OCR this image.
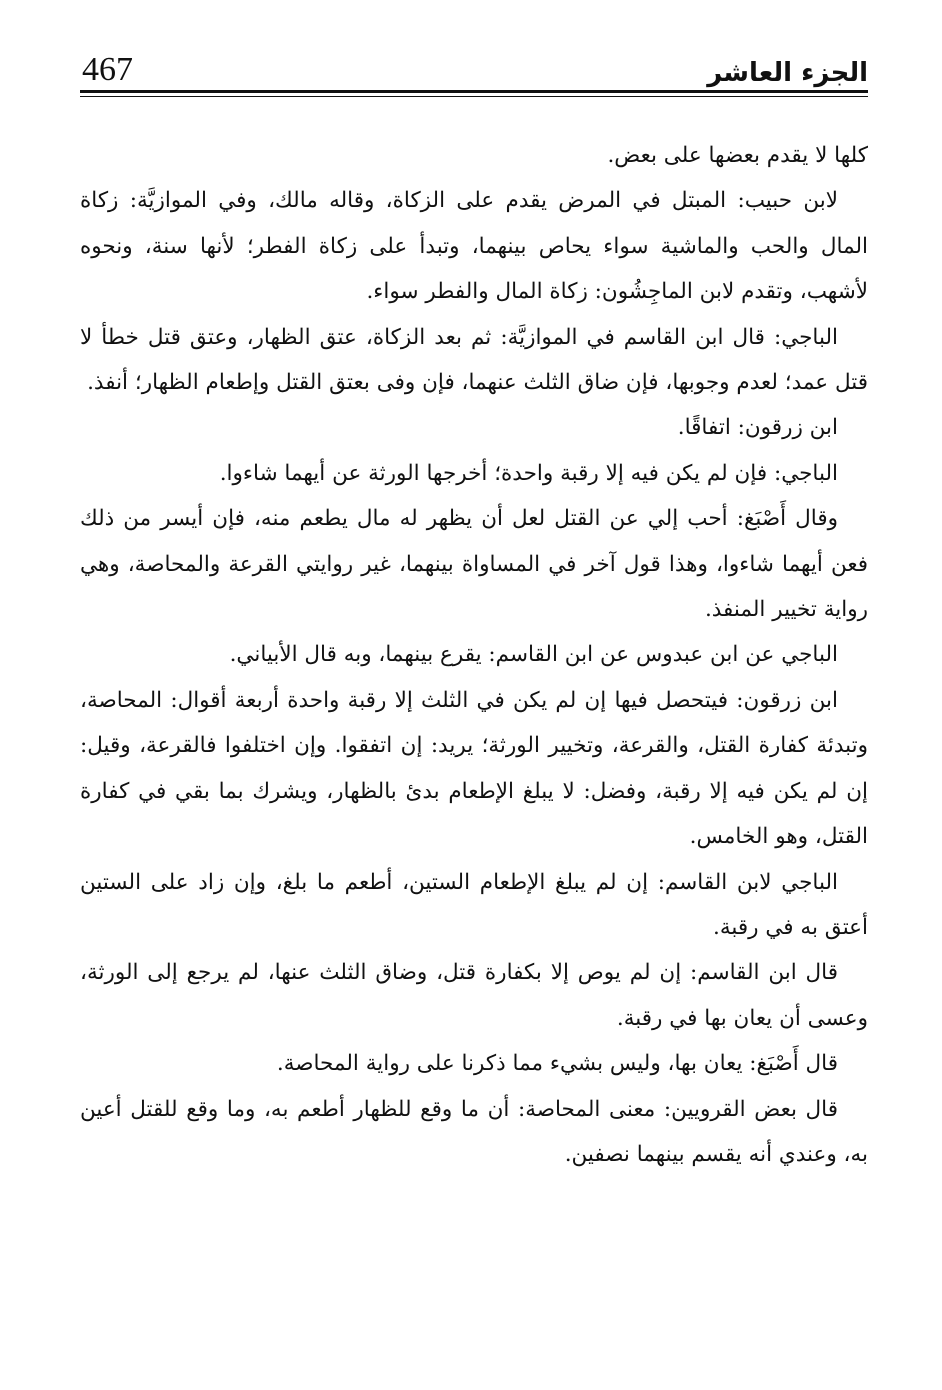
467	الجزء العاشر

كلها لا يقدم بعضها على بعض.

لابن حبيب: المبتل في المرض يقدم على الزكاة، وقاله مالك، وفي الموازيَّة: زكاة المال والحب والماشية سواء يحاص بينهما، وتبدأ على زكاة الفطر؛ لأنها سنة، ونحوه لأشهب، وتقدم لابن الماجِشُون: زكاة المال والفطر سواء.

الباجي: قال ابن القاسم في الموازيَّة: ثم بعد الزكاة، عتق الظهار، وعتق قتل خطأ لا قتل عمد؛ لعدم وجوبها، فإن ضاق الثلث عنهما، فإن وفى بعتق القتل وإطعام الظهار؛ أنفذ.

ابن زرقون: اتفاقًا.

الباجي: فإن لم يكن فيه إلا رقبة واحدة؛ أخرجها الورثة عن أيهما شاءوا.

وقال أَصْبَغ: أحب إلي عن القتل لعل أن يظهر له مال يطعم منه، فإن أيسر من ذلك فعن أيهما شاءوا، وهذا قول آخر في المساواة بينهما، غير روايتي القرعة والمحاصة، وهي رواية تخيير المنفذ.

الباجي عن ابن عبدوس عن ابن القاسم: يقرع بينهما، وبه قال الأبياني.

ابن زرقون: فيتحصل فيها إن لم يكن في الثلث إلا رقبة واحدة أربعة أقوال: المحاصة، وتبدئة كفارة القتل، والقرعة، وتخيير الورثة؛ يريد: إن اتفقوا. وإن اختلفوا فالقرعة، وقيل: إن لم يكن فيه إلا رقبة، وفضل: لا يبلغ الإطعام بدئ بالظهار، ويشرك بما بقي في كفارة القتل، وهو الخامس.

الباجي لابن القاسم: إن لم يبلغ الإطعام الستين، أطعم ما بلغ، وإن زاد على الستين أعتق به في رقبة.

قال ابن القاسم: إن لم يوص إلا بكفارة قتل، وضاق الثلث عنها، لم يرجع إلى الورثة، وعسى أن يعان بها في رقبة.

قال أَصْبَغ: يعان بها، وليس بشيء مما ذكرنا على رواية المحاصة.

قال بعض القرويين: معنى المحاصة: أن ما وقع للظهار أطعم به، وما وقع للقتل أعين به، وعندي أنه يقسم بينهما نصفين.
